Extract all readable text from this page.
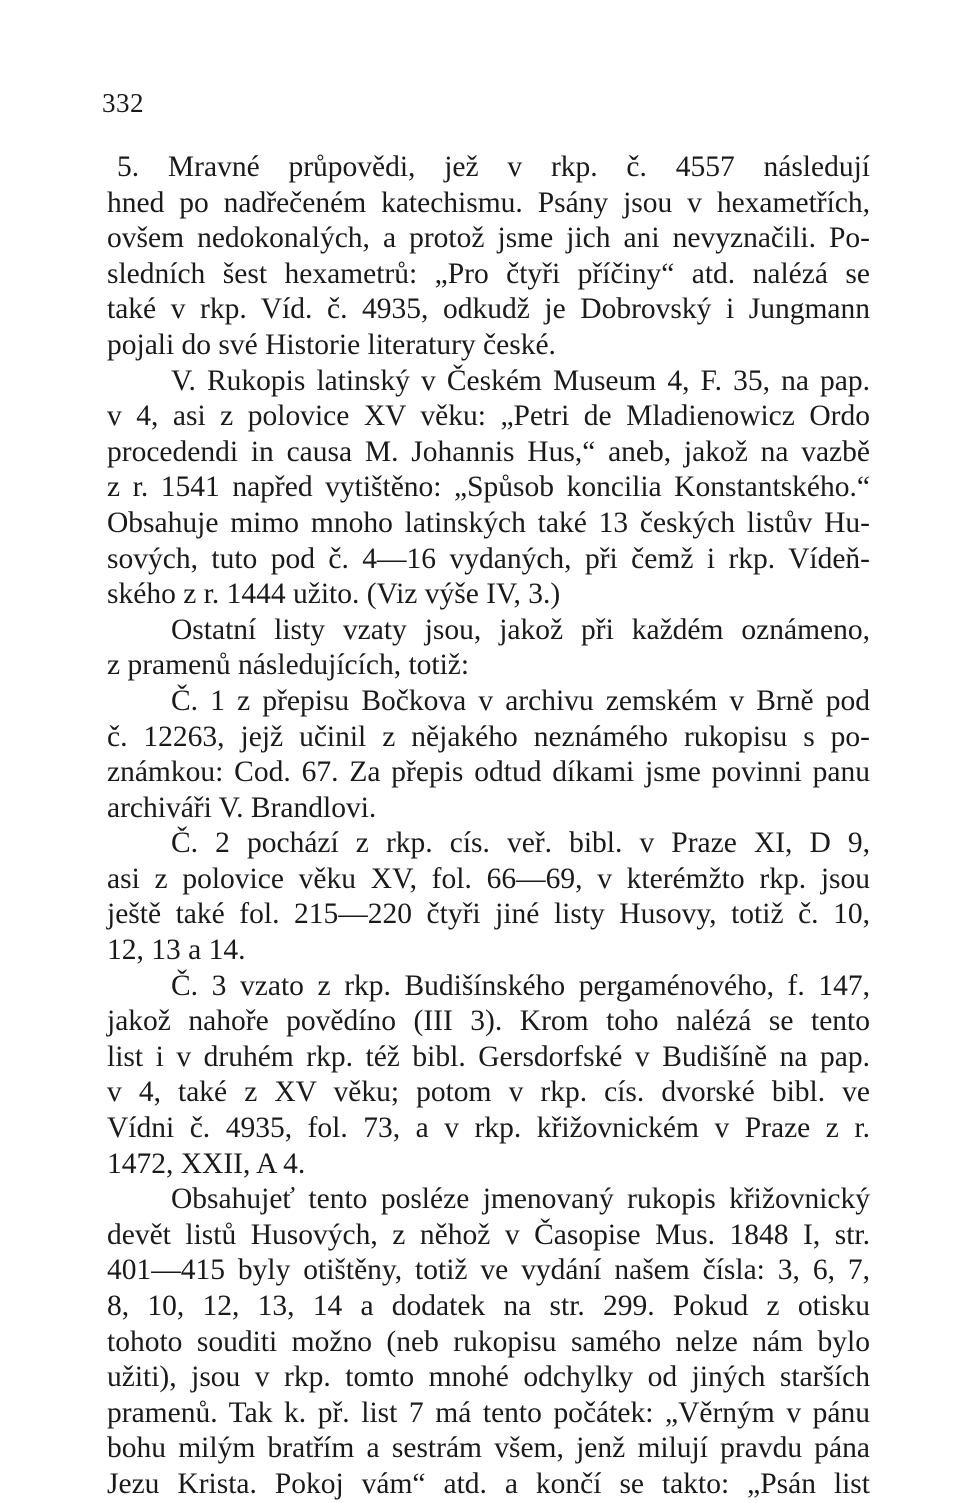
332
5. Mravné průpovědi, jež v rkp. č. 4557 následují
hned po nadřečeném katechismu. Psány jsou v hexametřích,
ovšem nedokonalých, a protož jsme jich ani nevyznačili. Po-
sledních šest hexametrů: „Pro čtyři příčiny“ atd. nalézá se
také v rkp. Víd. č. 4935, odkudž je Dobrovský i Jungmann
pojali do své Historie literatury české.
V. Rukopis latinský v Českém Museum 4, F. 35, na pap.
v 4, asi z polovice XV věku: „Petri de Mladienowicz Ordo
procedendi in causa M. Johannis Hus,“ aneb, jakož na vazbě
z r. 1541 napřed vytištěno: „Spůsob koncilia Konstantského.“
Obsahuje mimo mnoho latinských také 13 českých listův Hu-
sových, tuto pod č. 4—16 vydaných, při čemž i rkp. Vídeň-
ského z r. 1444 užito. (Viz výše IV, 3.)
Ostatní listy vzaty jsou, jakož při každém oznámeno,
z pramenů následujících, totiž:
Č. 1 z přepisu Bočkova v archivu zemském v Brně pod
č. 12263, jejž učinil z nějakého neznámého rukopisu s po-
známkou: Cod. 67. Za přepis odtud díkami jsme povinni panu
archiváři V. Brandlovi.
Č. 2 pochází z rkp. cís. veř. bibl. v Praze XI, D 9,
asi z polovice věku XV, fol. 66—69, v kterémžto rkp. jsou
ještě také fol. 215—220 čtyři jiné listy Husovy, totiž č. 10,
12, 13 a 14.
Č. 3 vzato z rkp. Budišínského pergaménového, f. 147,
jakož nahoře povědíno (III 3). Krom toho nalézá se tento
list i v druhém rkp. též bibl. Gersdorfské v Budišíně na pap.
v 4, také z XV věku; potom v rkp. cís. dvorské bibl. ve
Vídni č. 4935, fol. 73, a v rkp. křižovnickém v Praze z r.
1472, XXII, A 4.
Obsahujeť tento posléze jmenovaný rukopis křižovnický
devět listů Husových, z něhož v Časopise Mus. 1848 I, str.
401—415 byly otištěny, totiž ve vydání našem čísla: 3, 6, 7,
8, 10, 12, 13, 14 a dodatek na str. 299. Pokud z otisku
tohoto souditi možno (neb rukopisu samého nelze nám bylo
užiti), jsou v rkp. tomto mnohé odchylky od jiných starších
pramenů. Tak k. př. list 7 má tento počátek: „Věrným v pánu
bohu milým bratřím a sestrám všem, jenž milují pravdu pána
Jezu Krista. Pokoj vám“ atd. a končí se takto: „Psán list
